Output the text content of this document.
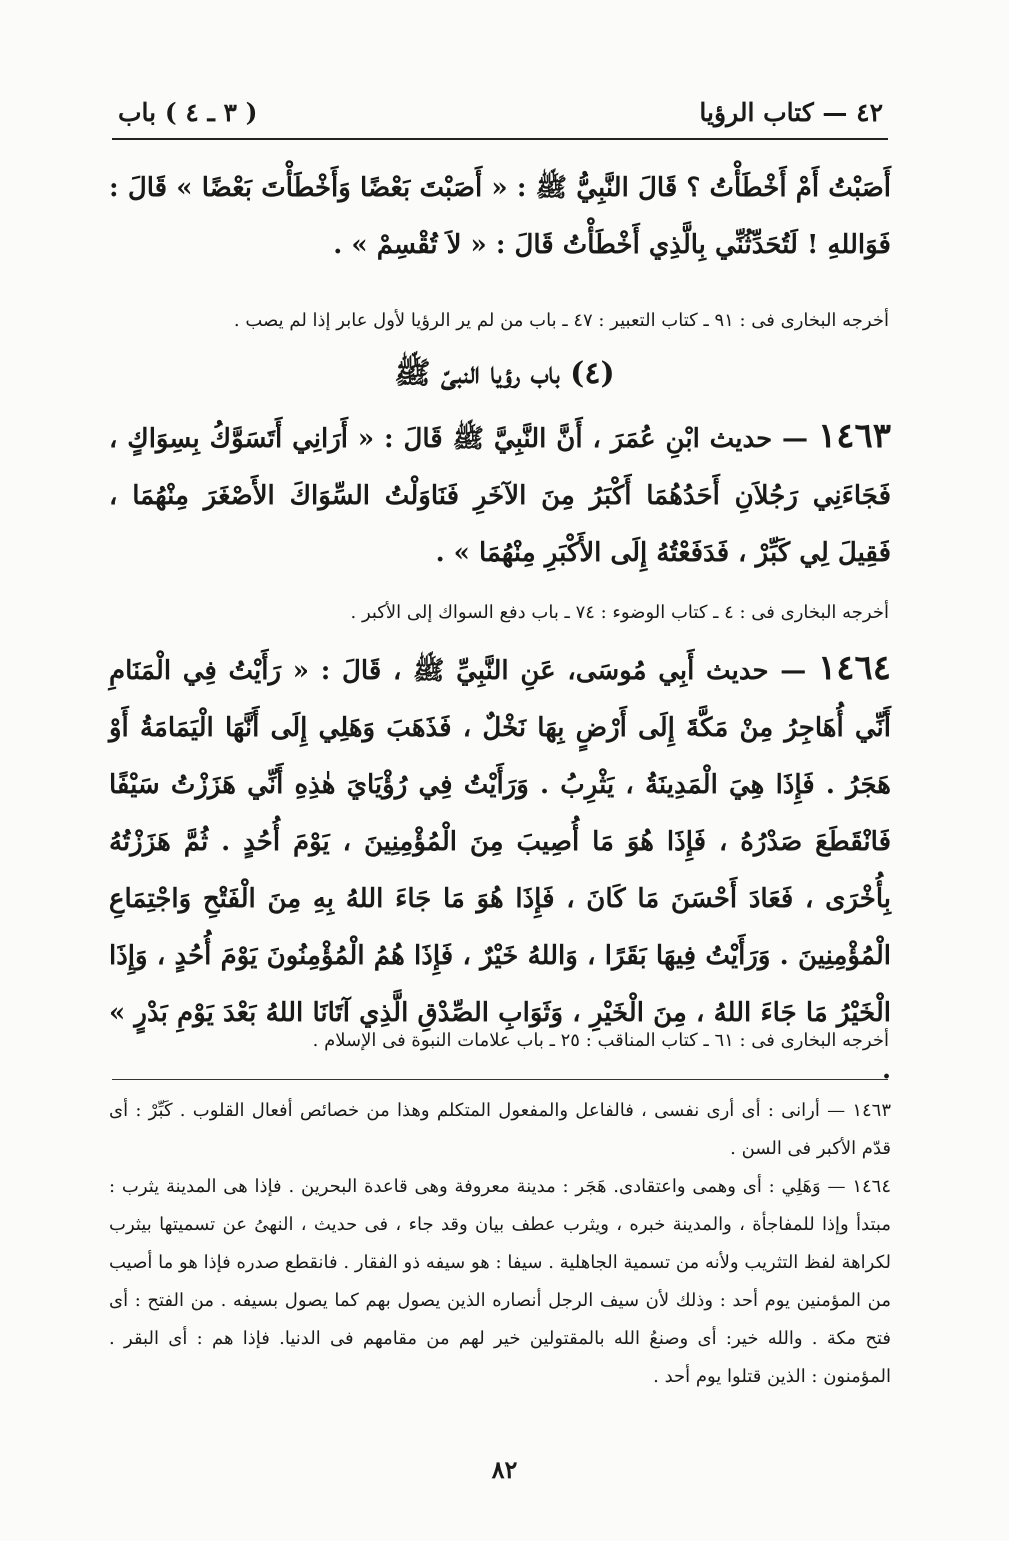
٤٢ — كتاب الرؤيا
( ٣ ـ ٤ ) باب
أَصَبْتُ أَمْ أَخْطَأْتُ ؟ قَالَ النَّبِيُّ ﷺ : « أَصَبْتَ بَعْضًا وَأَخْطَأْتَ بَعْضًا » قَالَ : فَوَاللهِ ! لَتُحَدِّثُنِّي بِالَّذِي أَخْطَأْتُ قَالَ : « لاَ تُقْسِمْ » .
أخرجه البخارى فى : ٩١ ـ كتاب التعبير : ٤٧ ـ باب من لم ير الرؤيا لأول عابر إذا لم يصب .
(٤) باب رؤيا النبىّ ﷺ
١٤٦٣ — حديث ابْنِ عُمَرَ ، أَنَّ النَّبِيَّ ﷺ قَالَ : « أَرَانِي أَتَسَوَّكُ بِسِوَاكٍ ، فَجَاءَنِي رَجُلاَنِ أَحَدُهُمَا أَكْبَرُ مِنَ الآخَرِ فَنَاوَلْتُ السِّوَاكَ الأَصْغَرَ مِنْهُمَا ، فَقِيلَ لِي كَبِّرْ ، فَدَفَعْتُهُ إِلَى الأَكْبَرِ مِنْهُمَا » .
أخرجه البخارى فى : ٤ ـ كتاب الوضوء : ٧٤ ـ باب دفع السواك إلى الأكبر .
١٤٦٤ — حديث أَبِي مُوسَى، عَنِ النَّبِيِّ ﷺ ، قَالَ : « رَأَيْتُ فِي الْمَنَامِ أَنِّي أُهَاجِرُ مِنْ مَكَّةَ إِلَى أَرْضٍ بِهَا نَخْلٌ ، فَذَهَبَ وَهَلِي إِلَى أَنَّهَا الْيَمَامَةُ أَوْ هَجَرُ . فَإِذَا هِيَ الْمَدِينَةُ ، يَثْرِبُ . وَرَأَيْتُ فِي رُؤْيَايَ هٰذِهِ أَنِّي هَزَزْتُ سَيْفًا فَانْقَطَعَ صَدْرُهُ ، فَإِذَا هُوَ مَا أُصِيبَ مِنَ الْمُؤْمِنِينَ ، يَوْمَ أُحُدٍ . ثُمَّ هَزَزْتُهُ بِأُخْرَى ، فَعَادَ أَحْسَنَ مَا كَانَ ، فَإِذَا هُوَ مَا جَاءَ اللهُ بِهِ مِنَ الْفَتْحِ وَاجْتِمَاعِ الْمُؤْمِنِينَ . وَرَأَيْتُ فِيهَا بَقَرًا ، وَاللهُ خَيْرٌ ، فَإِذَا هُمُ الْمُؤْمِنُونَ يَوْمَ أُحُدٍ ، وَإِذَا الْخَيْرُ مَا جَاءَ اللهُ ، مِنَ الْخَيْرِ ، وَثَوَابِ الصِّدْقِ الَّذِي آتَانَا اللهُ بَعْدَ يَوْمِ بَدْرٍ » .
أخرجه البخارى فى : ٦١ ـ كتاب المناقب : ٢٥ ـ باب علامات النبوة فى الإسلام .
١٤٦٣ — أرانى : أى أرى نفسى ، فالفاعل والمفعول المتكلم وهذا من خصائص أفعال القلوب . كَبِّرْ : أى قدّم الأكبر فى السن .
١٤٦٤ — وَهَلِي : أى وهمى واعتقادى. هَجَر : مدينة معروفة وهى قاعدة البحرين . فإذا هى المدينة يثرب : مبتدأ وإذا للمفاجأة ، والمدينة خبره ، ويثرب عطف بيان وقد جاء ، فى حديث ، النهىُ عن تسميتها بيثرب لكراهة لفظ التثريب ولأنه من تسمية الجاهلية . سيفا : هو سيفه ذو الفقار . فانقطع صدره فإذا هو ما أصيب من المؤمنين يوم أحد : وذلك لأن سيف الرجل أنصاره الذين يصول بهم كما يصول بسيفه . من الفتح : أى فتح مكة . والله خير: أى وصنعُ الله بالمقتولين خير لهم من مقامهم فى الدنيا. فإذا هم : أى البقر . المؤمنون : الذين قتلوا يوم أحد .
٨٢
